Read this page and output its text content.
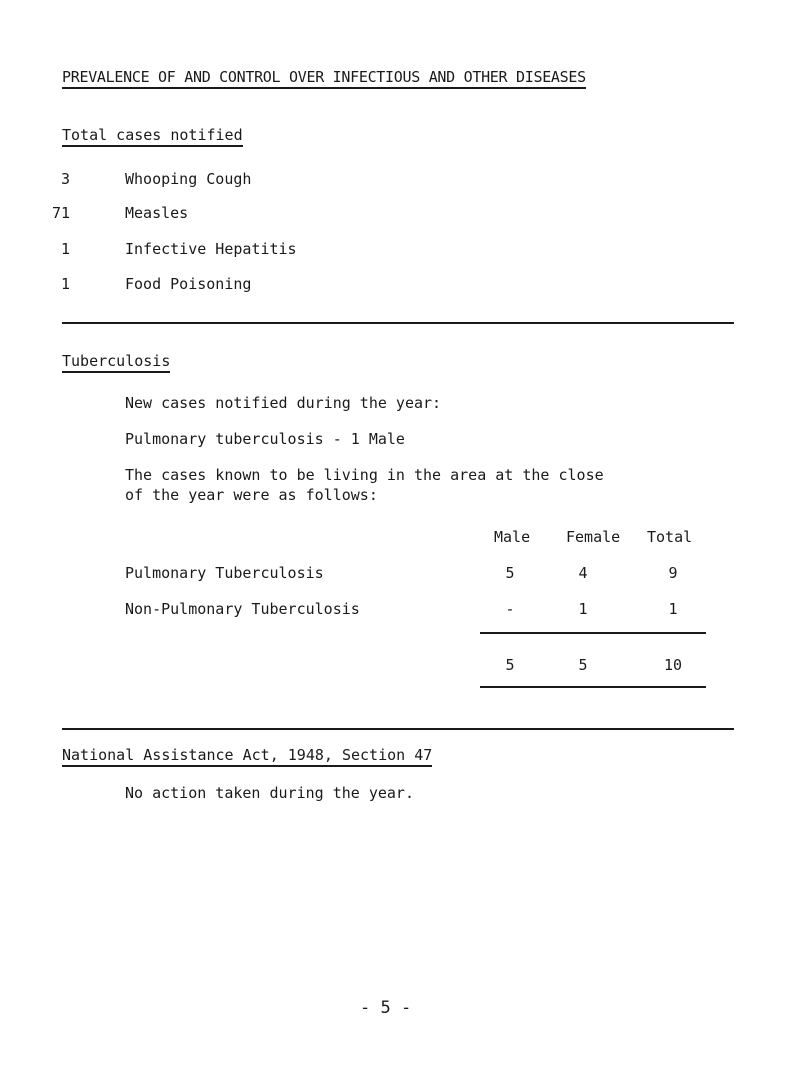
PREVALENCE OF AND CONTROL OVER INFECTIOUS AND OTHER DISEASES
Total cases notified
3	Whooping Cough
71	Measles
1	Infective Hepatitis
1	Food Poisoning
Tuberculosis
New cases notified during the year:
Pulmonary tuberculosis - 1 Male
The cases known to be living in the area at the close
of the year were as follows:
Male Female Total
Pulmonary Tuberculosis	5	4	9
Non-Pulmonary Tuberculosis	-	1	1
5	5	10
National Assistance Act, 1948, Section 47
No action taken during the year.
- 5 -
